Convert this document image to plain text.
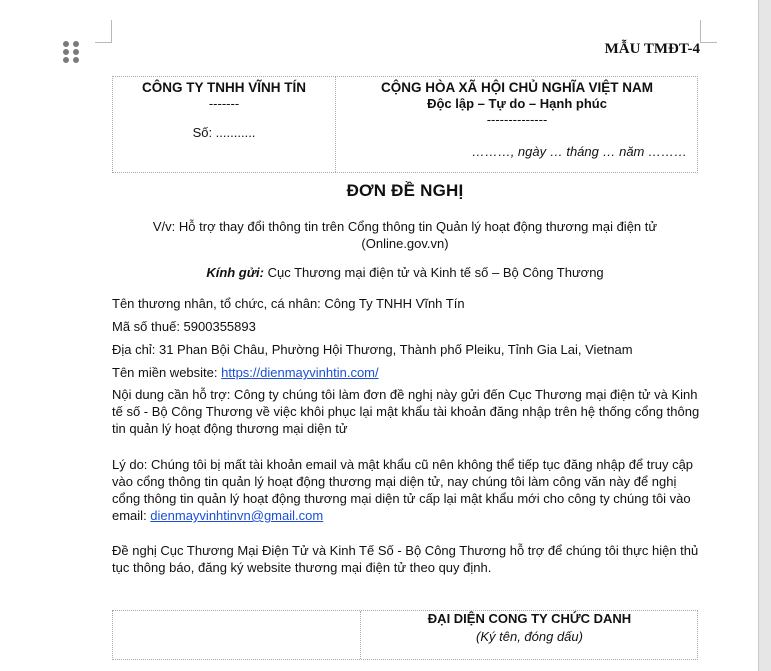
MẪU TMĐT-4
CÔNG TY TNHH VĨNH TÍN
-------
Số: ...........
CỘNG HÒA XÃ HỘI CHỦ NGHĨA VIỆT NAM
Độc lập – Tự do – Hạnh phúc
--------------
………, ngày … tháng … năm ………
ĐƠN ĐỀ NGHỊ
V/v: Hỗ trợ thay đổi thông tin trên Cổng thông tin Quản lý hoạt động thương mại điện tử
(Online.gov.vn)
Kính gửi: Cục Thương mại điện tử và Kinh tế số – Bộ Công Thương
Tên thương nhân, tổ chức, cá nhân: Công Ty TNHH Vĩnh Tín
Mã số thuế: 5900355893
Địa chỉ: 31 Phan Bội Châu, Phường Hội Thương, Thành phố Pleiku, Tỉnh Gia Lai, Vietnam
Tên miền website: https://dienmayvinhtin.com/
Nội dung cần hỗ trợ: Công ty chúng tôi làm đơn đề nghị này gửi đến Cục Thương mại điện tử và Kinh tế số - Bộ Công Thương về việc khôi phục lại mật khẩu tài khoản đăng nhập trên hệ thống cổng thông tin quản lý hoạt động thương mại diện tử
Lý do: Chúng tôi bị mất tài khoản email và mật khẩu cũ nên không thể tiếp tục đăng nhập để truy cập vào cổng thông tin quản lý hoạt động thương mại diện tử, nay chúng tôi làm công văn này để nghị cổng thông tin quản lý hoạt động thương mại diện tử cấp lại mật khẩu mới cho công ty chúng tôi vào email: dienmayvinhtinvn@gmail.com
Đề nghị Cục Thương Mại Điện Tử và Kinh Tế Số - Bộ Công Thương hỗ trợ để chúng tôi thực hiện thủ tục thông báo, đăng ký website thương mại điện tử theo quy định.
ĐẠI DIỆN CONG TY CHỨC DANH
(Ký tên, đóng dấu)
